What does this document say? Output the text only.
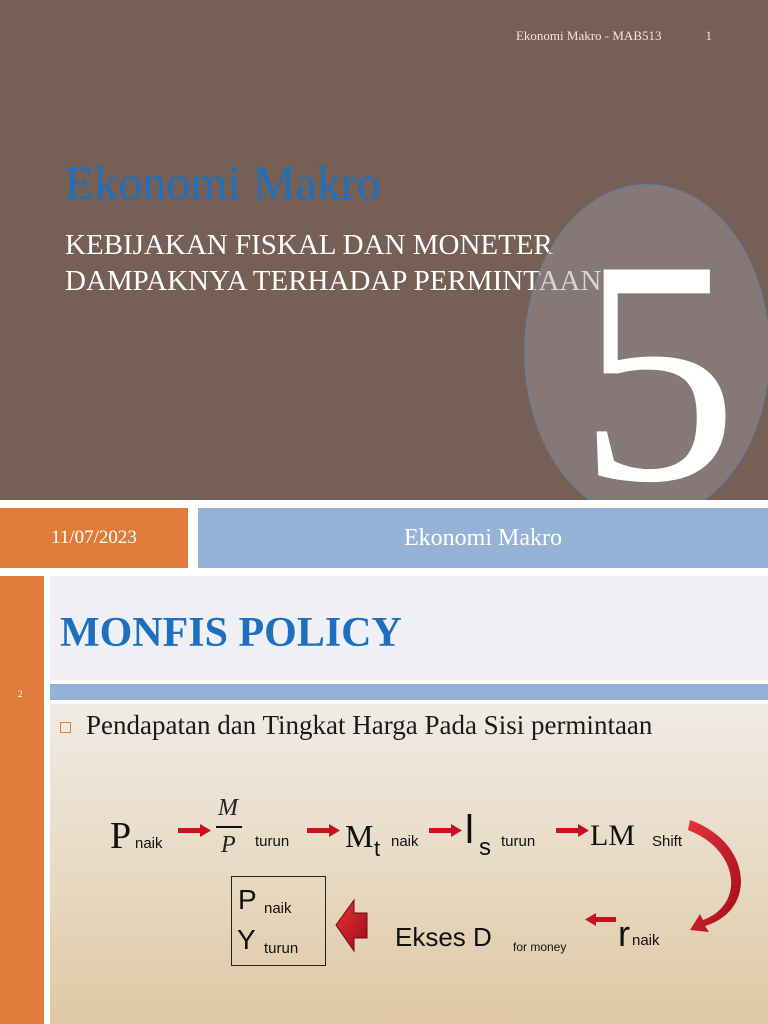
Ekonomi Makro - MAB513	1
Ekonomi Makro
KEBIJAKAN FISKAL DAN MONETER
DAMPAKNYA TERHADAP PERMINTAAN
5
11/07/2023	Ekonomi Makro
MONFIS POLICY
2
Pendapatan dan Tingkat Harga Pada Sisi permintaan
P naik
M
P turun M t naik l s turun LM Shift
r naik
Ekses D for money
P naik
Y turun
